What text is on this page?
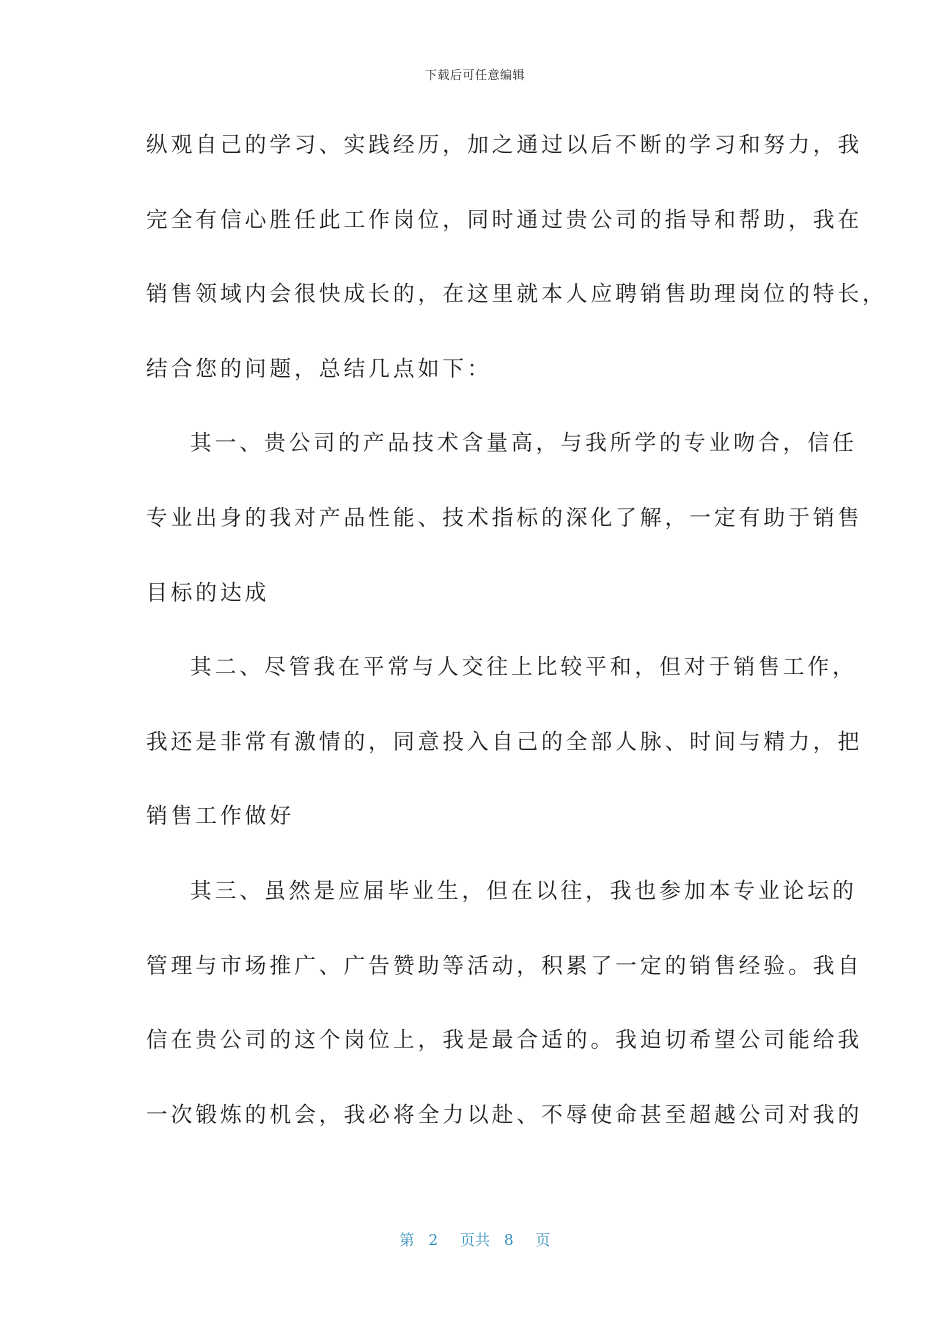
下载后可任意编辑
纵观自己的学习、实践经历，加之通过以后不断的学习和努力，我
完全有信心胜任此工作岗位，同时通过贵公司的指导和帮助，我在
销售领域内会很快成长的，在这里就本人应聘销售助理岗位的特长，
结合您的问题，总结几点如下：
其一、贵公司的产品技术含量高，与我所学的专业吻合，信任
专业出身的我对产品性能、技术指标的深化了解，一定有助于销售
目标的达成
其二、尽管我在平常与人交往上比较平和，但对于销售工作，
我还是非常有激情的，同意投入自己的全部人脉、时间与精力，把
销售工作做好
其三、虽然是应届毕业生，但在以往，我也参加本专业论坛的
管理与市场推广、广告赞助等活动，积累了一定的销售经验。我自
信在贵公司的这个岗位上，我是最合适的。我迫切希望公司能给我
一次锻炼的机会，我必将全力以赴、不辱使命甚至超越公司对我的
第 2 页共 8 页
